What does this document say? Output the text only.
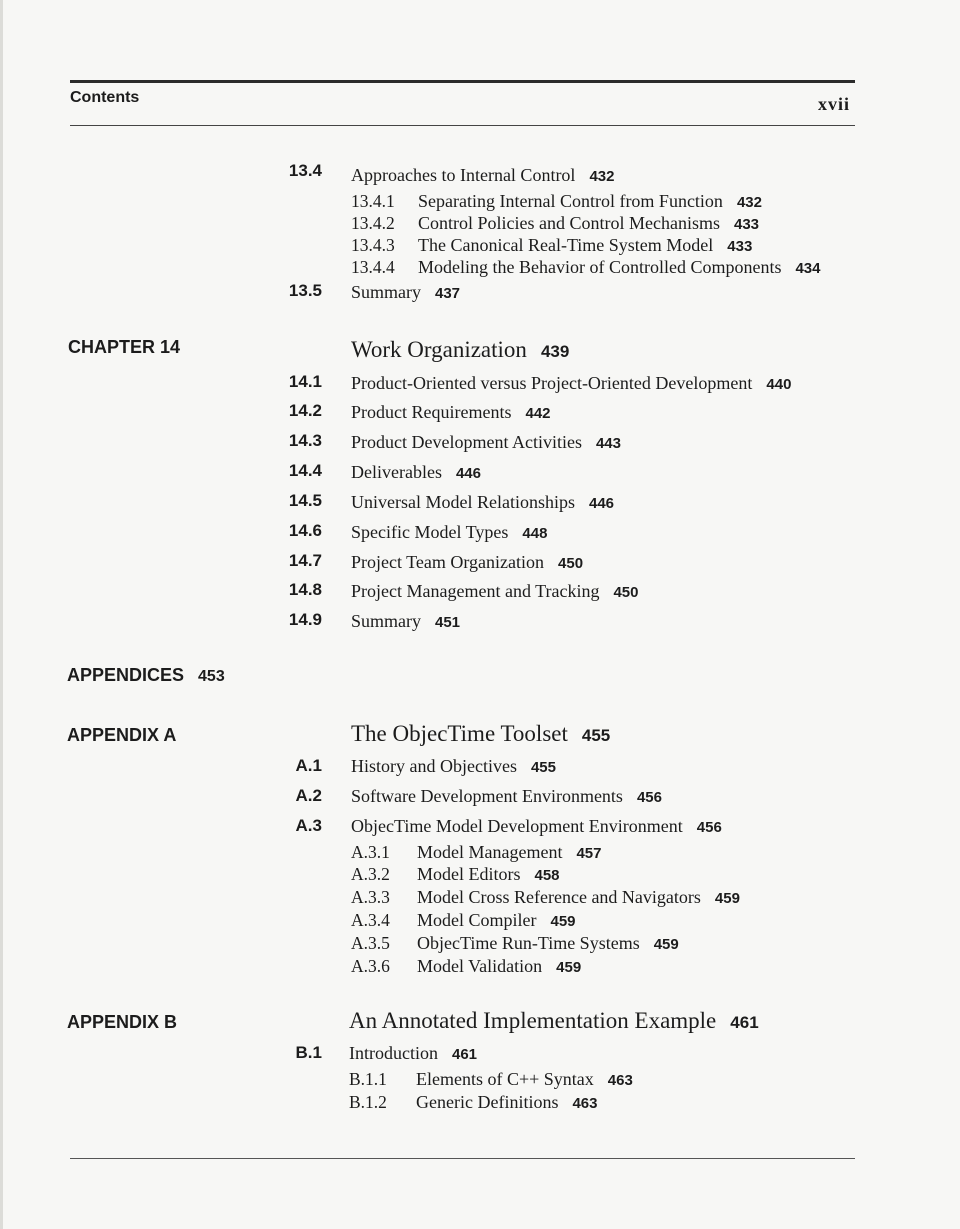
Contents	xvii
13.4 Approaches to Internal Control 432
13.4.1 Separating Internal Control from Function 432
13.4.2 Control Policies and Control Mechanisms 433
13.4.3 The Canonical Real-Time System Model 433
13.4.4 Modeling the Behavior of Controlled Components 434
13.5 Summary 437
CHAPTER 14	Work Organization 439
14.1 Product-Oriented versus Project-Oriented Development 440
14.2 Product Requirements 442
14.3 Product Development Activities 443
14.4 Deliverables 446
14.5 Universal Model Relationships 446
14.6 Specific Model Types 448
14.7 Project Team Organization 450
14.8 Project Management and Tracking 450
14.9 Summary 451
APPENDICES 453
APPENDIX A	The ObjecTime Toolset 455
A.1 History and Objectives 455
A.2 Software Development Environments 456
A.3 ObjecTime Model Development Environment 456
A.3.1 Model Management 457
A.3.2 Model Editors 458
A.3.3 Model Cross Reference and Navigators 459
A.3.4 Model Compiler 459
A.3.5 ObjecTime Run-Time Systems 459
A.3.6 Model Validation 459
APPENDIX B	An Annotated Implementation Example 461
B.1 Introduction 461
B.1.1 Elements of C++ Syntax 463
B.1.2 Generic Definitions 463
